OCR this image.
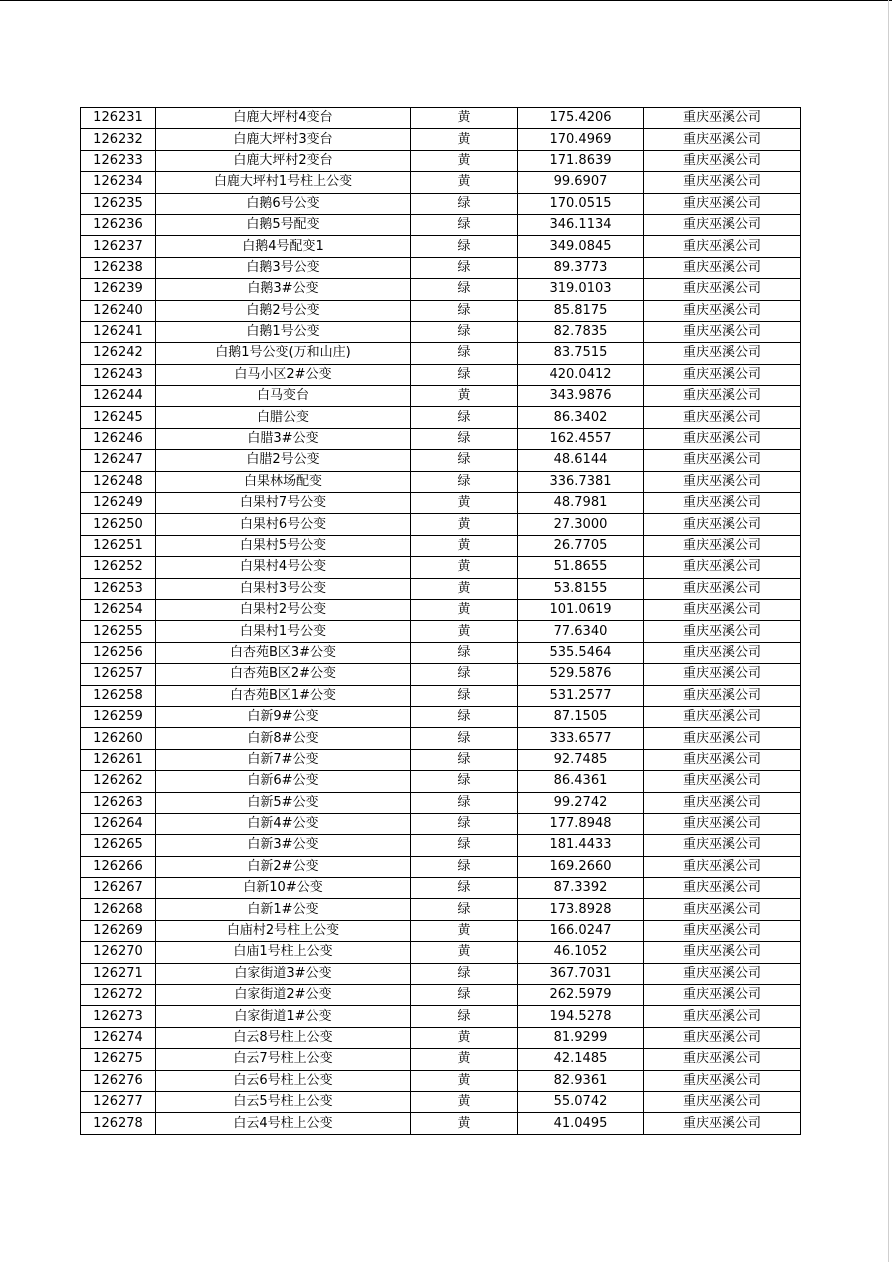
126231	白鹿大坪村4变台	黄	175.4206	重庆巫溪公司
126232	白鹿大坪村3变台	黄	170.4969	重庆巫溪公司
126233	白鹿大坪村2变台	黄	171.8639	重庆巫溪公司
126234	白鹿大坪村1号柱上公变	黄	99.6907	重庆巫溪公司
126235	白鹅6号公变	绿	170.0515	重庆巫溪公司
126236	白鹅5号配变	绿	346.1134	重庆巫溪公司
126237	白鹅4号配变1	绿	349.0845	重庆巫溪公司
126238	白鹅3号公变	绿	89.3773	重庆巫溪公司
126239	白鹅3#公变	绿	319.0103	重庆巫溪公司
126240	白鹅2号公变	绿	85.8175	重庆巫溪公司
126241	白鹅1号公变	绿	82.7835	重庆巫溪公司
126242	白鹅1号公变(万和山庄)	绿	83.7515	重庆巫溪公司
126243	白马小区2#公变	绿	420.0412	重庆巫溪公司
126244	白马变台	黄	343.9876	重庆巫溪公司
126245	白腊公变	绿	86.3402	重庆巫溪公司
126246	白腊3#公变	绿	162.4557	重庆巫溪公司
126247	白腊2号公变	绿	48.6144	重庆巫溪公司
126248	白果林场配变	绿	336.7381	重庆巫溪公司
126249	白果村7号公变	黄	48.7981	重庆巫溪公司
126250	白果村6号公变	黄	27.3000	重庆巫溪公司
126251	白果村5号公变	黄	26.7705	重庆巫溪公司
126252	白果村4号公变	黄	51.8655	重庆巫溪公司
126253	白果村3号公变	黄	53.8155	重庆巫溪公司
126254	白果村2号公变	黄	101.0619	重庆巫溪公司
126255	白果村1号公变	黄	77.6340	重庆巫溪公司
126256	白杏苑B区3#公变	绿	535.5464	重庆巫溪公司
126257	白杏苑B区2#公变	绿	529.5876	重庆巫溪公司
126258	白杏苑B区1#公变	绿	531.2577	重庆巫溪公司
126259	白新9#公变	绿	87.1505	重庆巫溪公司
126260	白新8#公变	绿	333.6577	重庆巫溪公司
126261	白新7#公变	绿	92.7485	重庆巫溪公司
126262	白新6#公变	绿	86.4361	重庆巫溪公司
126263	白新5#公变	绿	99.2742	重庆巫溪公司
126264	白新4#公变	绿	177.8948	重庆巫溪公司
126265	白新3#公变	绿	181.4433	重庆巫溪公司
126266	白新2#公变	绿	169.2660	重庆巫溪公司
126267	白新10#公变	绿	87.3392	重庆巫溪公司
126268	白新1#公变	绿	173.8928	重庆巫溪公司
126269	白庙村2号柱上公变	黄	166.0247	重庆巫溪公司
126270	白庙1号柱上公变	黄	46.1052	重庆巫溪公司
126271	白家街道3#公变	绿	367.7031	重庆巫溪公司
126272	白家街道2#公变	绿	262.5979	重庆巫溪公司
126273	白家街道1#公变	绿	194.5278	重庆巫溪公司
126274	白云8号柱上公变	黄	81.9299	重庆巫溪公司
126275	白云7号柱上公变	黄	42.1485	重庆巫溪公司
126276	白云6号柱上公变	黄	82.9361	重庆巫溪公司
126277	白云5号柱上公变	黄	55.0742	重庆巫溪公司
126278	白云4号柱上公变	黄	41.0495	重庆巫溪公司
